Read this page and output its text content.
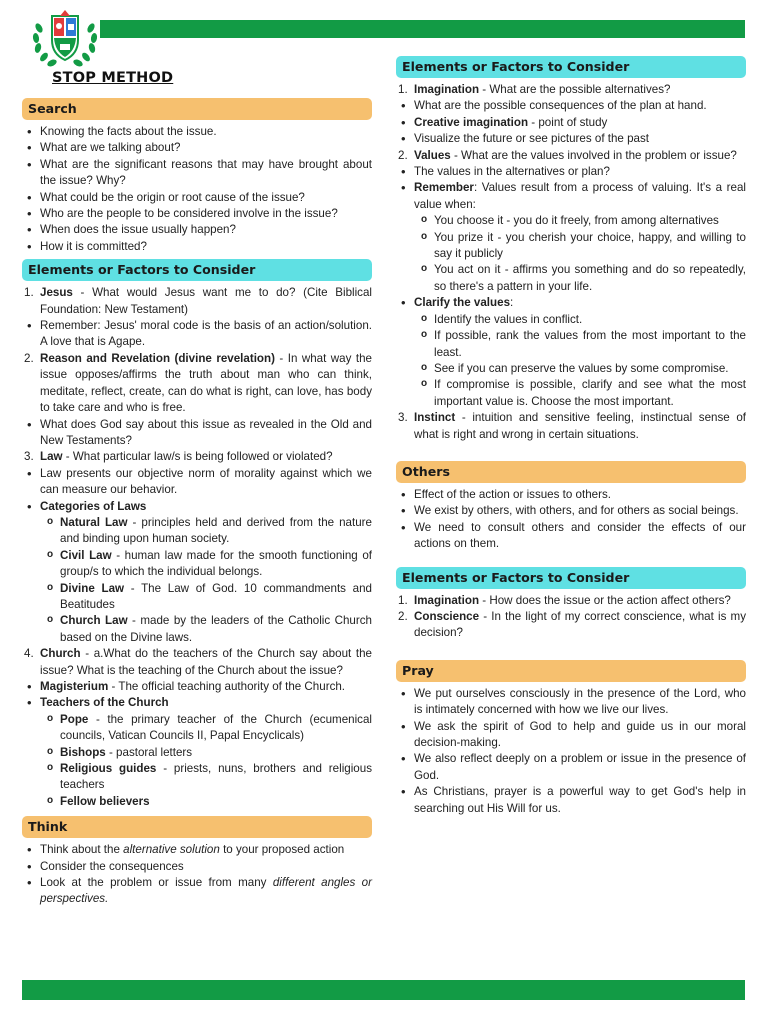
STOP METHOD
Search
• Knowing the facts about the issue.
• What are we talking about?
• What are the significant reasons that may have brought about the issue? Why?
• What could be the origin or root cause of the issue?
• Who are the people to be considered involve in the issue?
• When does the issue usually happen?
• How it is committed?
Elements or Factors to Consider
1. Jesus - What would Jesus want me to do? (Cite Biblical Foundation: New Testament)
• Remember: Jesus' moral code is the basis of an action/solution. A love that is Agape.
2. Reason and Revelation (divine revelation) - In what way the issue opposes/affirms the truth about man who can think, meditate, reflect, create, can do what is right, can love, has body to take care and who is free.
• What does God say about this issue as revealed in the Old and New Testaments?
3. Law - What particular law/s is being followed or violated?
• Law presents our objective norm of morality against which we can measure our behavior.
• Categories of Laws
o Natural Law - principles held and derived from the nature and binding upon human society.
o Civil Law - human law made for the smooth functioning of group/s to which the individual belongs.
o Divine Law - The Law of God. 10 commandments and Beatitudes
o Church Law - made by the leaders of the Catholic Church based on the Divine laws.
4. Church - a.What do the teachers of the Church say about the issue? What is the teaching of the Church about the issue?
• Magisterium - The official teaching authority of the Church.
• Teachers of the Church
o Pope - the primary teacher of the Church (ecumenical councils, Vatican Councils II, Papal Encyclicals)
o Bishops - pastoral letters
o Religious guides - priests, nuns, brothers and religious teachers
o Fellow believers
Think
• Think about the alternative solution to your proposed action
• Consider the consequences
• Look at the problem or issue from many different angles or perspectives.
Elements or Factors to Consider
1. Imagination - What are the possible alternatives?
• What are the possible consequences of the plan at hand.
• Creative imagination - point of study
• Visualize the future or see pictures of the past
2. Values - What are the values involved in the problem or issue?
• The values in the alternatives or plan?
• Remember: Values result from a process of valuing. It's a real value when:
o You choose it - you do it freely, from among alternatives
o You prize it - you cherish your choice, happy, and willing to say it publicly
o You act on it - affirms you something and do so repeatedly, so there's a pattern in your life.
• Clarify the values:
o Identify the values in conflict.
o If possible, rank the values from the most important to the least.
o See if you can preserve the values by some compromise.
o If compromise is possible, clarify and see what the most important value is. Choose the most important.
3. Instinct - intuition and sensitive feeling, instinctual sense of what is right and wrong in certain situations.
Others
• Effect of the action or issues to others.
• We exist by others, with others, and for others as social beings.
• We need to consult others and consider the effects of our actions on them.
Elements or Factors to Consider
1. Imagination - How does the issue or the action affect others?
2. Conscience - In the light of my correct conscience, what is my decision?
Pray
• We put ourselves consciously in the presence of the Lord, who is intimately concerned with how we live our lives.
• We ask the spirit of God to help and guide us in our moral decision-making.
• We also reflect deeply on a problem or issue in the presence of God.
• As Christians, prayer is a powerful way to get God's help in searching out His Will for us.
